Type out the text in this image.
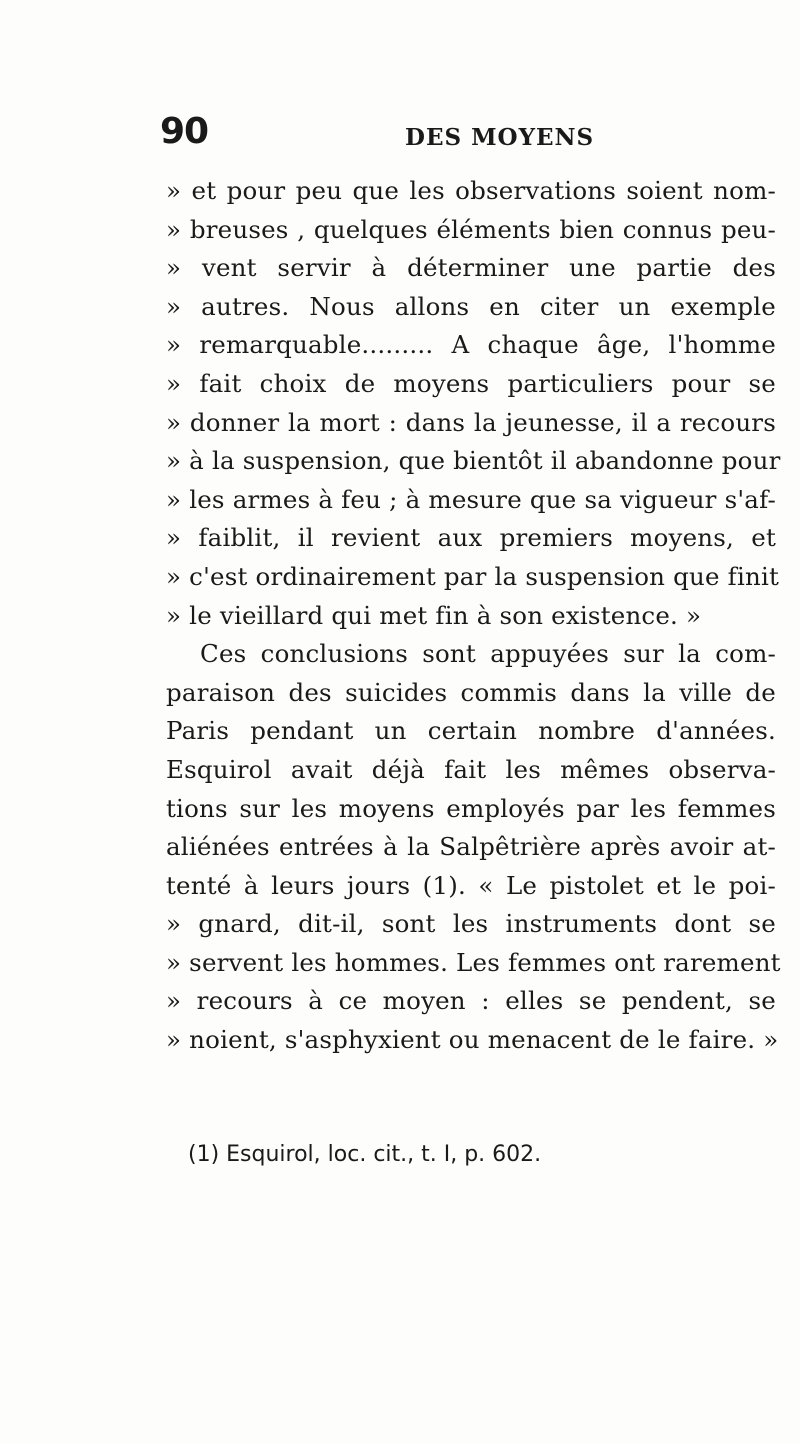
90	DES MOYENS
» et pour peu que les observations soient nom-
» breuses , quelques éléments bien connus peu-
» vent servir à déterminer une partie des
» autres. Nous allons en citer un exemple
» remarquable......... A chaque âge, l'homme
» fait choix de moyens particuliers pour se
» donner la mort : dans la jeunesse, il a recours
» à la suspension, que bientôt il abandonne pour
» les armes à feu ; à mesure que sa vigueur s'af-
» faiblit, il revient aux premiers moyens, et
» c'est ordinairement par la suspension que finit
» le vieillard qui met fin à son existence. »
Ces conclusions sont appuyées sur la com-
paraison des suicides commis dans la ville de
Paris pendant un certain nombre d'années.
Esquirol avait déjà fait les mêmes observa-
tions sur les moyens employés par les femmes
aliénées entrées à la Salpêtrière après avoir at-
tenté à leurs jours (1). « Le pistolet et le poi-
» gnard, dit-il, sont les instruments dont se
» servent les hommes. Les femmes ont rarement
» recours à ce moyen : elles se pendent, se
» noient, s'asphyxient ou menacent de le faire. »
(1) Esquirol, loc. cit., t. I, p. 602.
